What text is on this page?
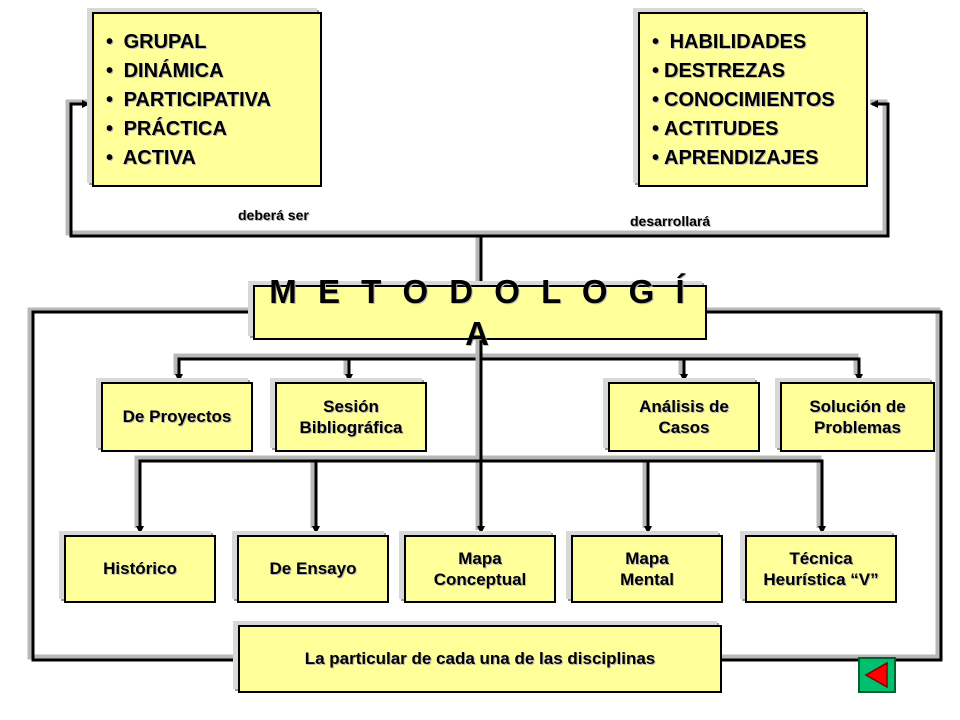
• GRUPAL
• DINÁMICA
• PARTICIPATIVA
• PRÁCTICA
• ACTIVA
• HABILIDADES
• DESTREZAS
• CONOCIMIENTOS
• ACTITUDES
• APRENDIZAJES
deberá ser	desarrollará
M E T O D O L O G Í A
De Proyectos
Sesión
Bibliográfica
Análisis de
Casos
Solución de
Problemas
Histórico	De Ensayo
Mapa
Conceptual
Mapa
Mental
Técnica
Heurística “V”
La particular de cada una de las disciplinas
